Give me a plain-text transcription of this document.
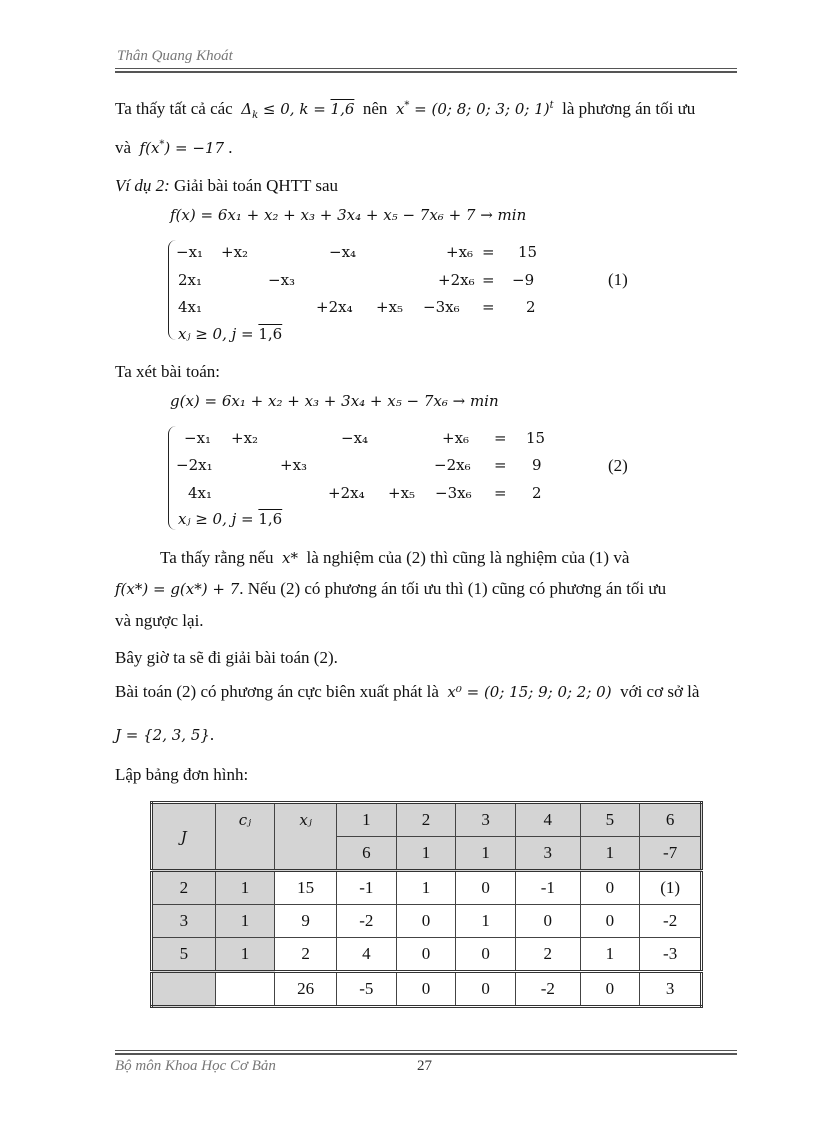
Thân Quang Khoát
Ta thấy tất cả các $\Delta_k \le 0$, k = 1,6 nên x* = (0; 8; 0; 3; 0; 1)$^t$ là phương án tối ưu
và f(x*) = −17 .
Ví dụ 2: Giải bài toán QHTT sau
f(x) = 6x₁ + x₂ + x₃ + 3x₄ + x₅ − 7x₆ + 7 → min
−x₁ +x₂	−x₄	+x₆ = 15
2x₁	−x₃	+2x₆ = −9
4x₁	+2x₄ +x₅ −3x₆ = 2
xⱼ ≥ 0, j = 1,6
(1)
Ta xét bài toán:
g(x) = 6x₁ + x₂ + x₃ + 3x₄ + x₅ − 7x₆ → min
−x₁ +x₂	−x₄	+x₆ = 15
−2x₁	+x₃	−2x₆ = 9
4x₁	+2x₄ +x₅ −3x₆ = 2
xⱼ ≥ 0, j = 1,6
(2)
Ta thấy rằng nếu x* là nghiệm của (2) thì cũng là nghiệm của (1) và
f(x*) = g(x*) + 7. Nếu (2) có phương án tối ưu thì (1) cũng có phương án tối ưu
và ngược lại.
Bây giờ ta sẽ đi giải bài toán (2).
Bài toán (2) có phương án cực biên xuất phát là x⁰ = (0; 15; 9; 0; 2; 0) với cơ sở là
J = {2, 3, 5}.
Lập bảng đơn hình:
J	cⱼ	xⱼ	1	2	3	4	5	6
			6	1	1	3	1	-7
2	1	15	-1	1	0	-1	0	(1)
3	1	9	-2	0	1	0	0	-2
5	1	2	4	0	0	2	1	-3
		26	-5	0	0	-2	0	3
Bộ môn Khoa Học Cơ Bản	27
